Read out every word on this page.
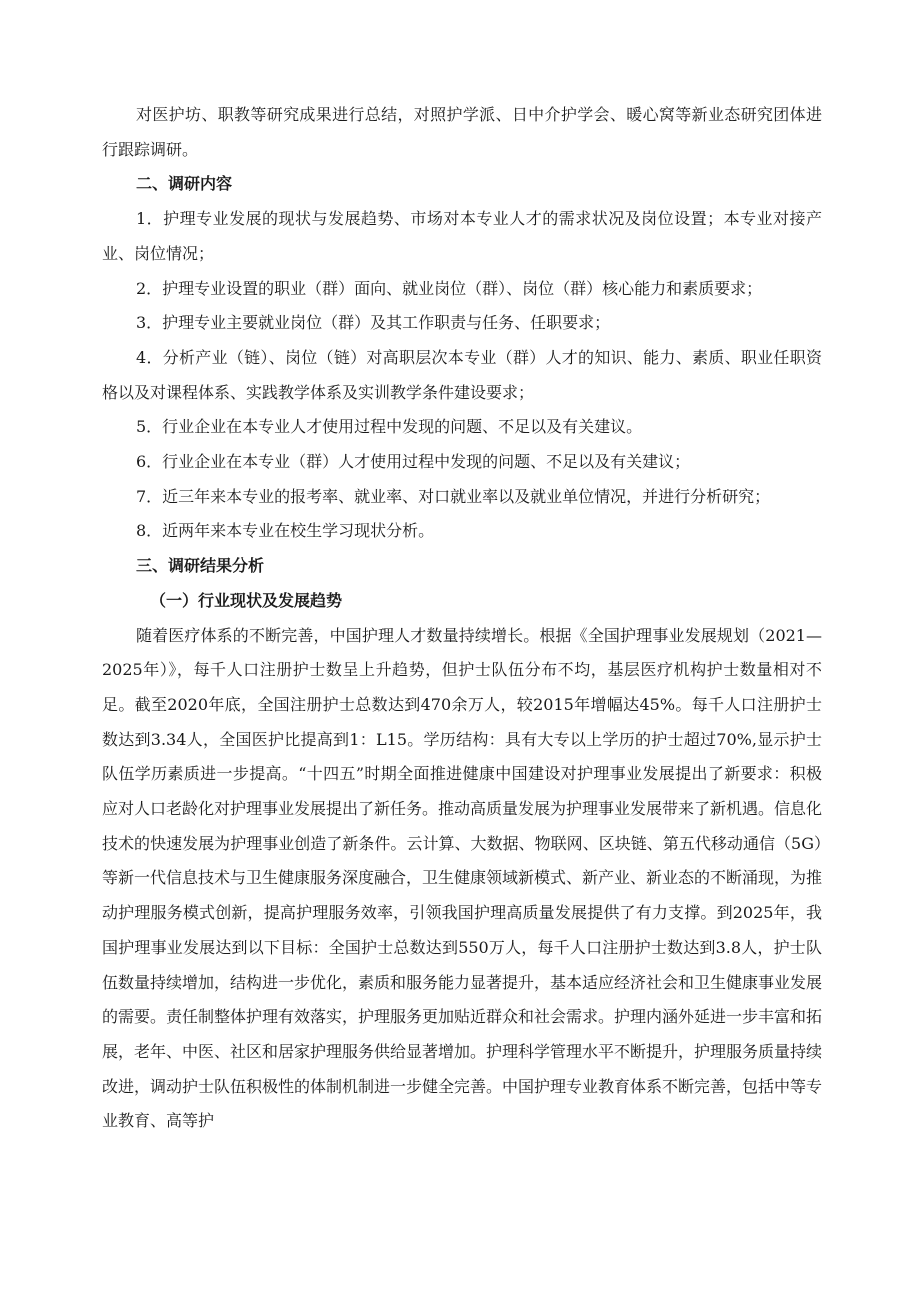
对医护坊、职教等研究成果进行总结，对照护学派、日中介护学会、暖心窝等新业态研究团体进行跟踪调研。

二、调研内容

1．护理专业发展的现状与发展趋势、市场对本专业人才的需求状况及岗位设置；本专业对接产业、岗位情况；

2．护理专业设置的职业（群）面向、就业岗位（群）、岗位（群）核心能力和素质要求；

3．护理专业主要就业岗位（群）及其工作职责与任务、任职要求；

4．分析产业（链）、岗位（链）对高职层次本专业（群）人才的知识、能力、素质、职业任职资格以及对课程体系、实践教学体系及实训教学条件建设要求；

5．行业企业在本专业人才使用过程中发现的问题、不足以及有关建议。

6．行业企业在本专业（群）人才使用过程中发现的问题、不足以及有关建议；

7．近三年来本专业的报考率、就业率、对口就业率以及就业单位情况，并进行分析研究；

8．近两年来本专业在校生学习现状分析。

三、调研结果分析

（一）行业现状及发展趋势

随着医疗体系的不断完善，中国护理人才数量持续增长。根据《全国护理事业发展规划（2021—2025年）》，每千人口注册护士数呈上升趋势，但护士队伍分布不均，基层医疗机构护士数量相对不足。截至2020年底，全国注册护士总数达到470余万人，较2015年增幅达45%。每千人口注册护士数达到3.34人，全国医护比提高到1：L15。学历结构：具有大专以上学历的护士超过70%,显示护士队伍学历素质进一步提高。“十四五”时期全面推进健康中国建设对护理事业发展提出了新要求：积极应对人口老龄化对护理事业发展提出了新任务。推动高质量发展为护理事业发展带来了新机遇。信息化技术的快速发展为护理事业创造了新条件。云计算、大数据、物联网、区块链、第五代移动通信（5G）等新一代信息技术与卫生健康服务深度融合，卫生健康领域新模式、新产业、新业态的不断涌现，为推动护理服务模式创新，提高护理服务效率，引领我国护理高质量发展提供了有力支撑。到2025年，我国护理事业发展达到以下目标：全国护士总数达到550万人，每千人口注册护士数达到3.8人，护士队伍数量持续增加，结构进一步优化，素质和服务能力显著提升，基本适应经济社会和卫生健康事业发展的需要。责任制整体护理有效落实，护理服务更加贴近群众和社会需求。护理内涵外延进一步丰富和拓展，老年、中医、社区和居家护理服务供给显著增加。护理科学管理水平不断提升，护理服务质量持续改进，调动护士队伍积极性的体制机制进一步健全完善。中国护理专业教育体系不断完善，包括中等专业教育、高等护
